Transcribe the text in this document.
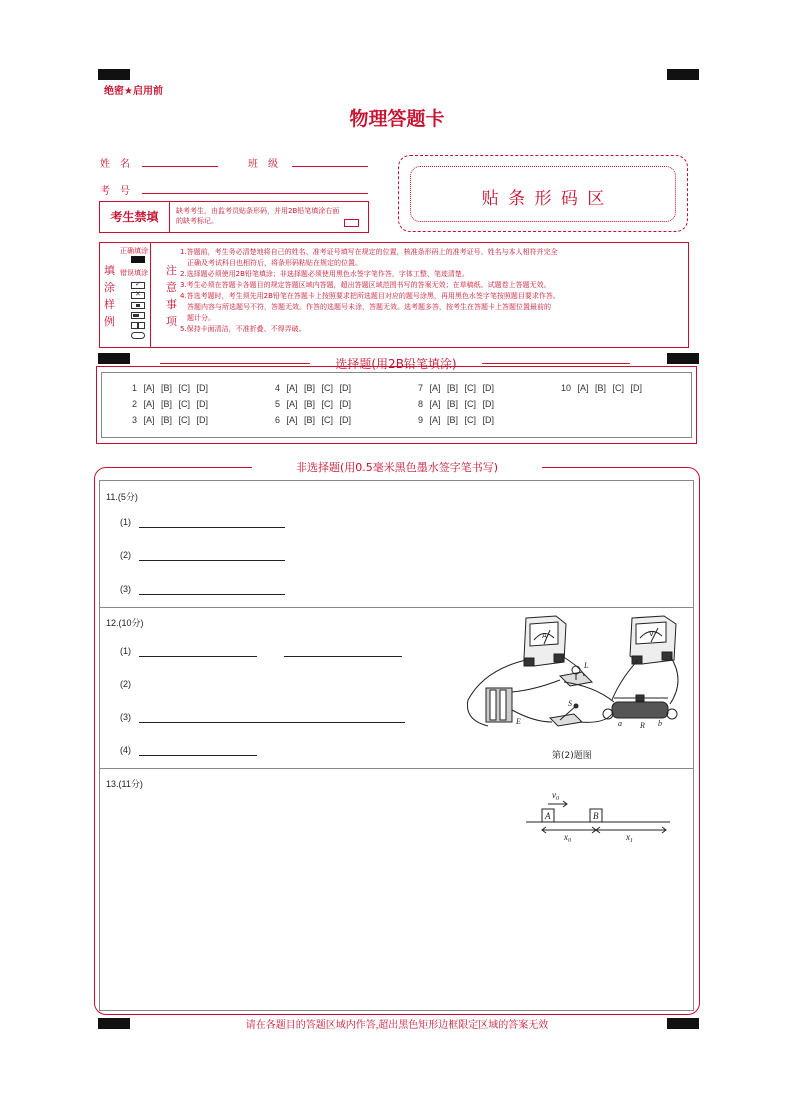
绝密★启用前
物理答题卡
姓　名	班　级
考　号
考生禁填	缺考考生，由监考员贴条形码，并用2B铅笔填涂右面的缺考标记。
贴 条 形 码 区
填
涂
样
例
正确填涂
错误填涂
✓
✕
注
意
事
项
1.答题前，考生务必清楚地将自己的姓名、准考证号填写在规定的位置，核准条形码上的准考证号、姓名与本人相符并完全
　正确及考试科目也相符后，将条形码粘贴在规定的位置。
2.选择题必须使用2B铅笔填涂；非选择题必须使用黑色水签字笔作答，字体工整、笔迹清楚。
3.考生必须在答题卡各题目的规定答题区域内答题，超出答题区域范围书写的答案无效；在草稿纸、试题卷上答题无效。
4.答选考题时，考生须先用2B铅笔在答题卡上按照要求把所选题目对应的题号涂黑，再用黑色水签字笔按照题目要求作答。
　答题内容与所选题号不符，答题无效。作答的选题号未涂，答题无效。选考题多答，按考生在答题卡上答题位置最前的
　题计分。
5.保持卡面清洁，不准折叠、不得弄破。
选择题(用2B铅笔填涂)
1 [A] [B] [C] [D]
2 [A] [B] [C] [D]
3 [A] [B] [C] [D]
4 [A] [B] [C] [D]
5 [A] [B] [C] [D]
6 [A] [B] [C] [D]
7 [A] [B] [C] [D]
8 [A] [B] [C] [D]
9 [A] [B] [C] [D]
10 [A] [B] [C] [D]
非选择题(用0.5毫米黑色墨水签字笔书写)
11.(5分)
(1)
(2)
(3)
12.(10分)
(1)
(2)
(3)
(4)
A	V
L
S
E	a R b
第(2)题图
13.(11分)
$v_0$
A	B
$x_0$	$x_1$
请在各题目的答题区域内作答,超出黑色矩形边框限定区域的答案无效
